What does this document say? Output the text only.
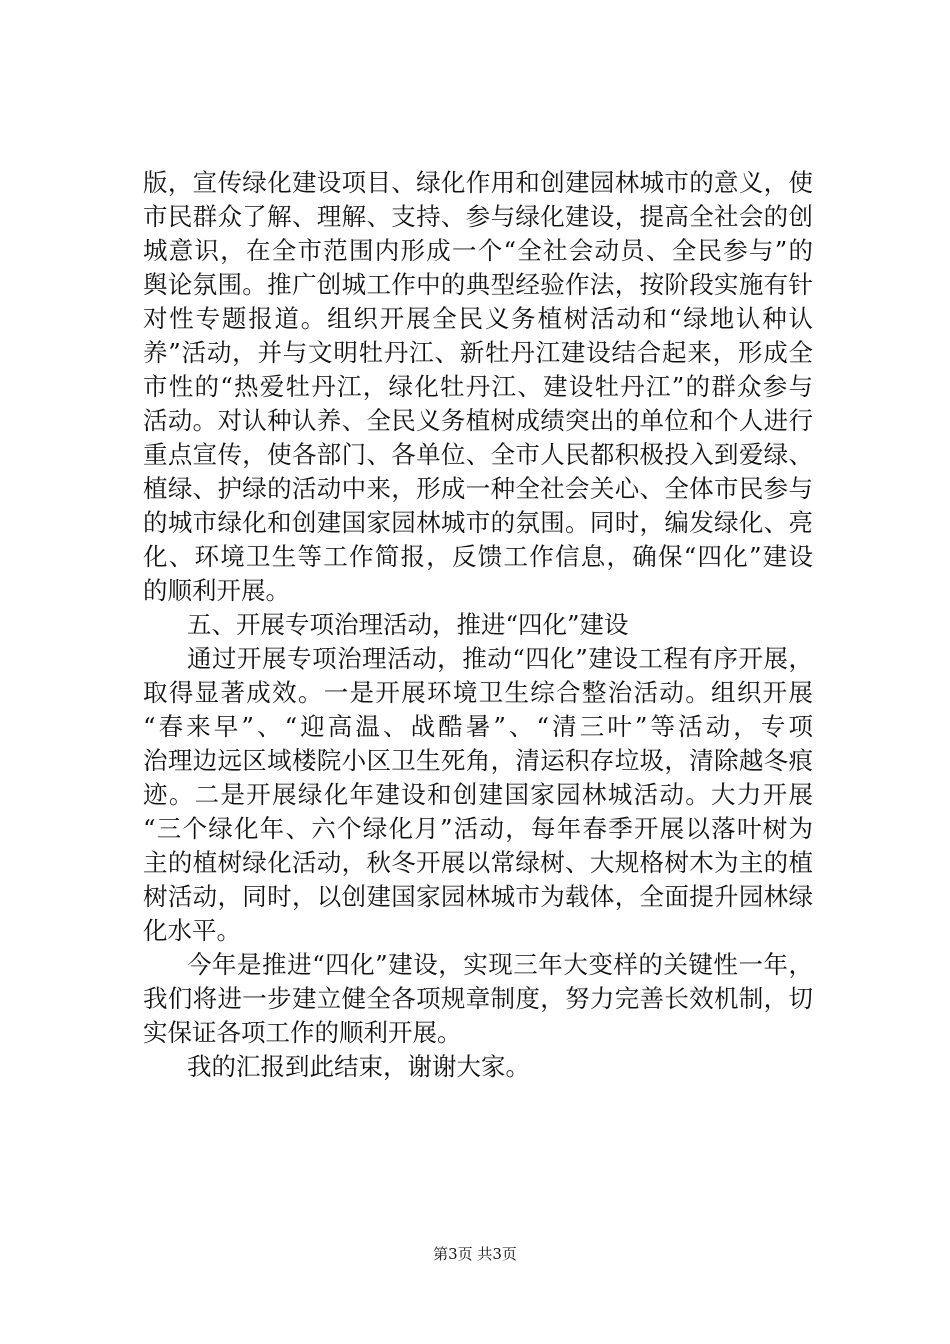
版，宣传绿化建设项目、绿化作用和创建园林城市的意义，使
市民群众了解、理解、支持、参与绿化建设，提高全社会的创
城意识，在全市范围内形成一个“全社会动员、全民参与”的
舆论氛围。推广创城工作中的典型经验作法，按阶段实施有针
对性专题报道。组织开展全民义务植树活动和“绿地认种认
养”活动，并与文明牡丹江、新牡丹江建设结合起来，形成全
市性的“热爱牡丹江，绿化牡丹江、建设牡丹江”的群众参与
活动。对认种认养、全民义务植树成绩突出的单位和个人进行
重点宣传，使各部门、各单位、全市人民都积极投入到爱绿、
植绿、护绿的活动中来，形成一种全社会关心、全体市民参与
的城市绿化和创建国家园林城市的氛围。同时，编发绿化、亮
化、环境卫生等工作简报，反馈工作信息，确保“四化”建设
的顺利开展。
五、开展专项治理活动，推进“四化”建设
通过开展专项治理活动，推动“四化”建设工程有序开展，
取得显著成效。一是开展环境卫生综合整治活动。组织开展
“春来早”、“迎高温、战酷暑”、“清三叶”等活动，专项
治理边远区域楼院小区卫生死角，清运积存垃圾，清除越冬痕
迹。二是开展绿化年建设和创建国家园林城活动。大力开展
“三个绿化年、六个绿化月”活动，每年春季开展以落叶树为
主的植树绿化活动，秋冬开展以常绿树、大规格树木为主的植
树活动，同时，以创建国家园林城市为载体，全面提升园林绿
化水平。
今年是推进“四化”建设，实现三年大变样的关键性一年，
我们将进一步建立健全各项规章制度，努力完善长效机制，切
实保证各项工作的顺利开展。
我的汇报到此结束，谢谢大家。
第3页 共3页
